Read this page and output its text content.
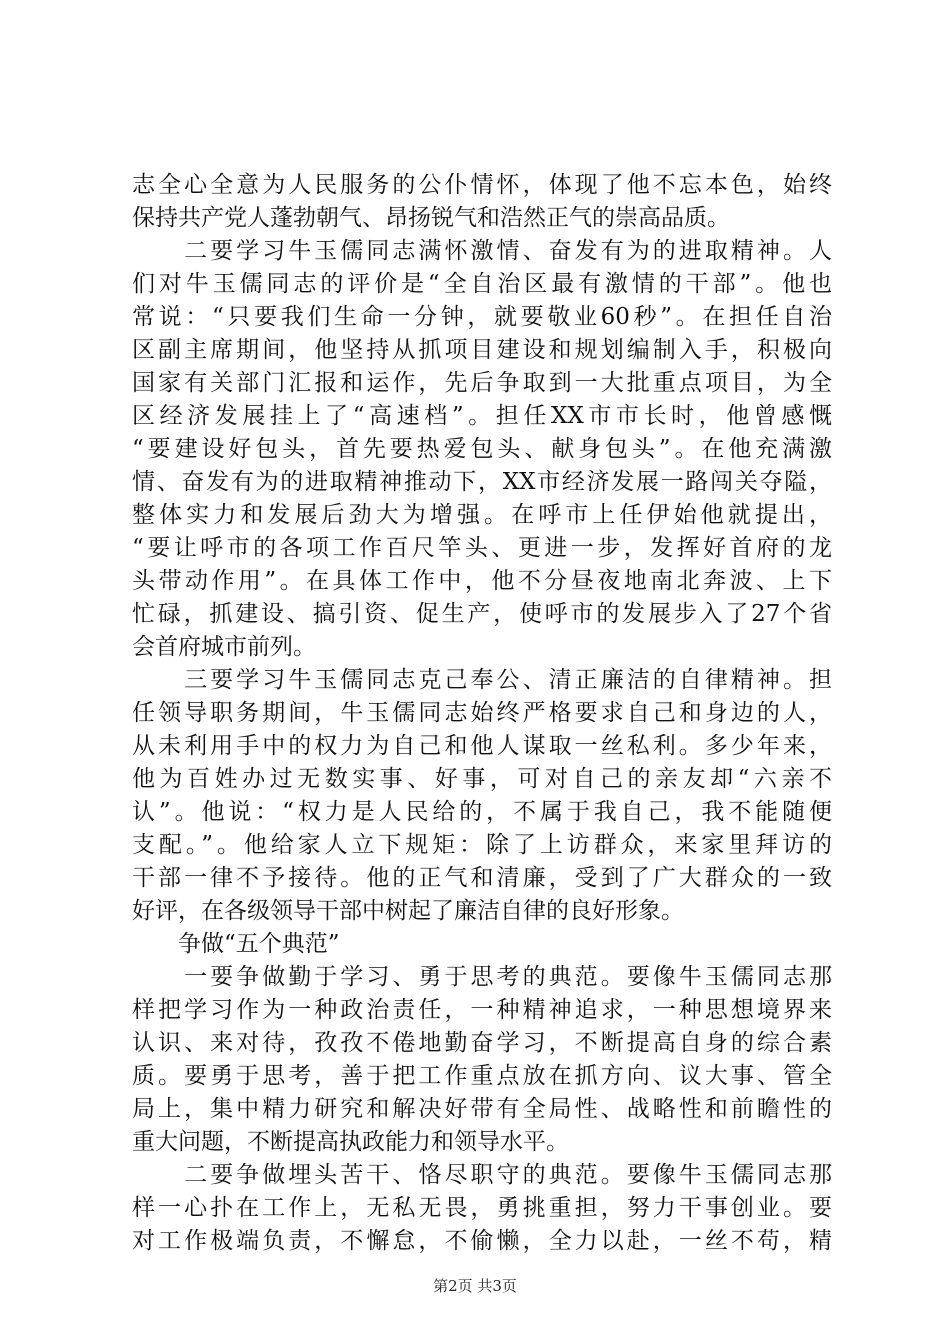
志全心全意为人民服务的公仆情怀，体现了他不忘本色，始终
保持共产党人蓬勃朝气、昂扬锐气和浩然正气的崇高品质。
　　二要学习牛玉儒同志满怀激情、奋发有为的进取精神。人
们对牛玉儒同志的评价是“全自治区最有激情的干部”。他也
常说：“只要我们生命一分钟，就要敬业60秒”。在担任自治
区副主席期间，他坚持从抓项目建设和规划编制入手，积极向
国家有关部门汇报和运作，先后争取到一大批重点项目，为全
区经济发展挂上了“高速档”。担任XX市市长时，他曾感慨
“要建设好包头，首先要热爱包头、献身包头”。在他充满激
情、奋发有为的进取精神推动下，XX市经济发展一路闯关夺隘，
整体实力和发展后劲大为增强。在呼市上任伊始他就提出，
“要让呼市的各项工作百尺竿头、更进一步，发挥好首府的龙
头带动作用”。在具体工作中，他不分昼夜地南北奔波、上下
忙碌，抓建设、搞引资、促生产，使呼市的发展步入了27个省
会首府城市前列。
　　三要学习牛玉儒同志克己奉公、清正廉洁的自律精神。担
任领导职务期间，牛玉儒同志始终严格要求自己和身边的人，
从未利用手中的权力为自己和他人谋取一丝私利。多少年来，
他为百姓办过无数实事、好事，可对自己的亲友却“六亲不
认”。他说：“权力是人民给的，不属于我自己，我不能随便
支配。”。他给家人立下规矩：除了上访群众，来家里拜访的
干部一律不予接待。他的正气和清廉，受到了广大群众的一致
好评，在各级领导干部中树起了廉洁自律的良好形象。
　　争做“五个典范”
　　一要争做勤于学习、勇于思考的典范。要像牛玉儒同志那
样把学习作为一种政治责任，一种精神追求，一种思想境界来
认识、来对待，孜孜不倦地勤奋学习，不断提高自身的综合素
质。要勇于思考，善于把工作重点放在抓方向、议大事、管全
局上，集中精力研究和解决好带有全局性、战略性和前瞻性的
重大问题，不断提高执政能力和领导水平。
　　二要争做埋头苦干、恪尽职守的典范。要像牛玉儒同志那
样一心扑在工作上，无私无畏，勇挑重担，努力干事创业。要
对工作极端负责，不懈怠，不偷懒，全力以赴，一丝不苟，精
第2页 共3页
